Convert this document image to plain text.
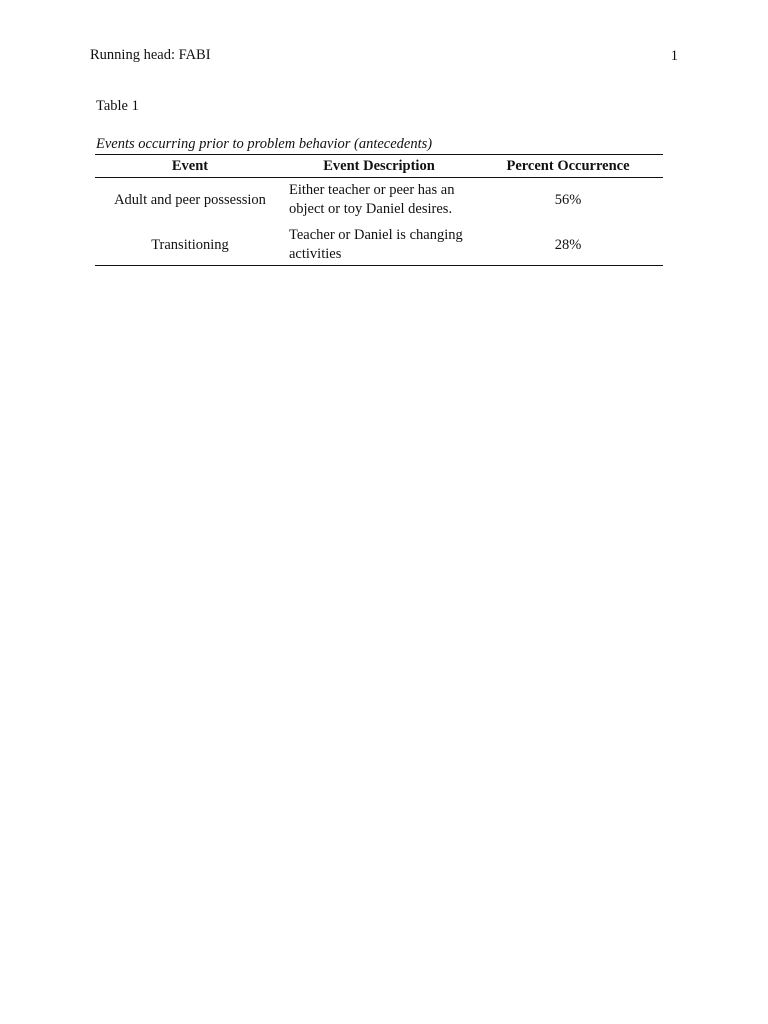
Running head: FABI	1
Table 1
Events occurring prior to problem behavior (antecedents)
Event	Event Description	Percent Occurrence
Adult and peer possession	Either teacher or peer has an object or toy Daniel desires.	56%
Transitioning	Teacher or Daniel is changing activities	28%
